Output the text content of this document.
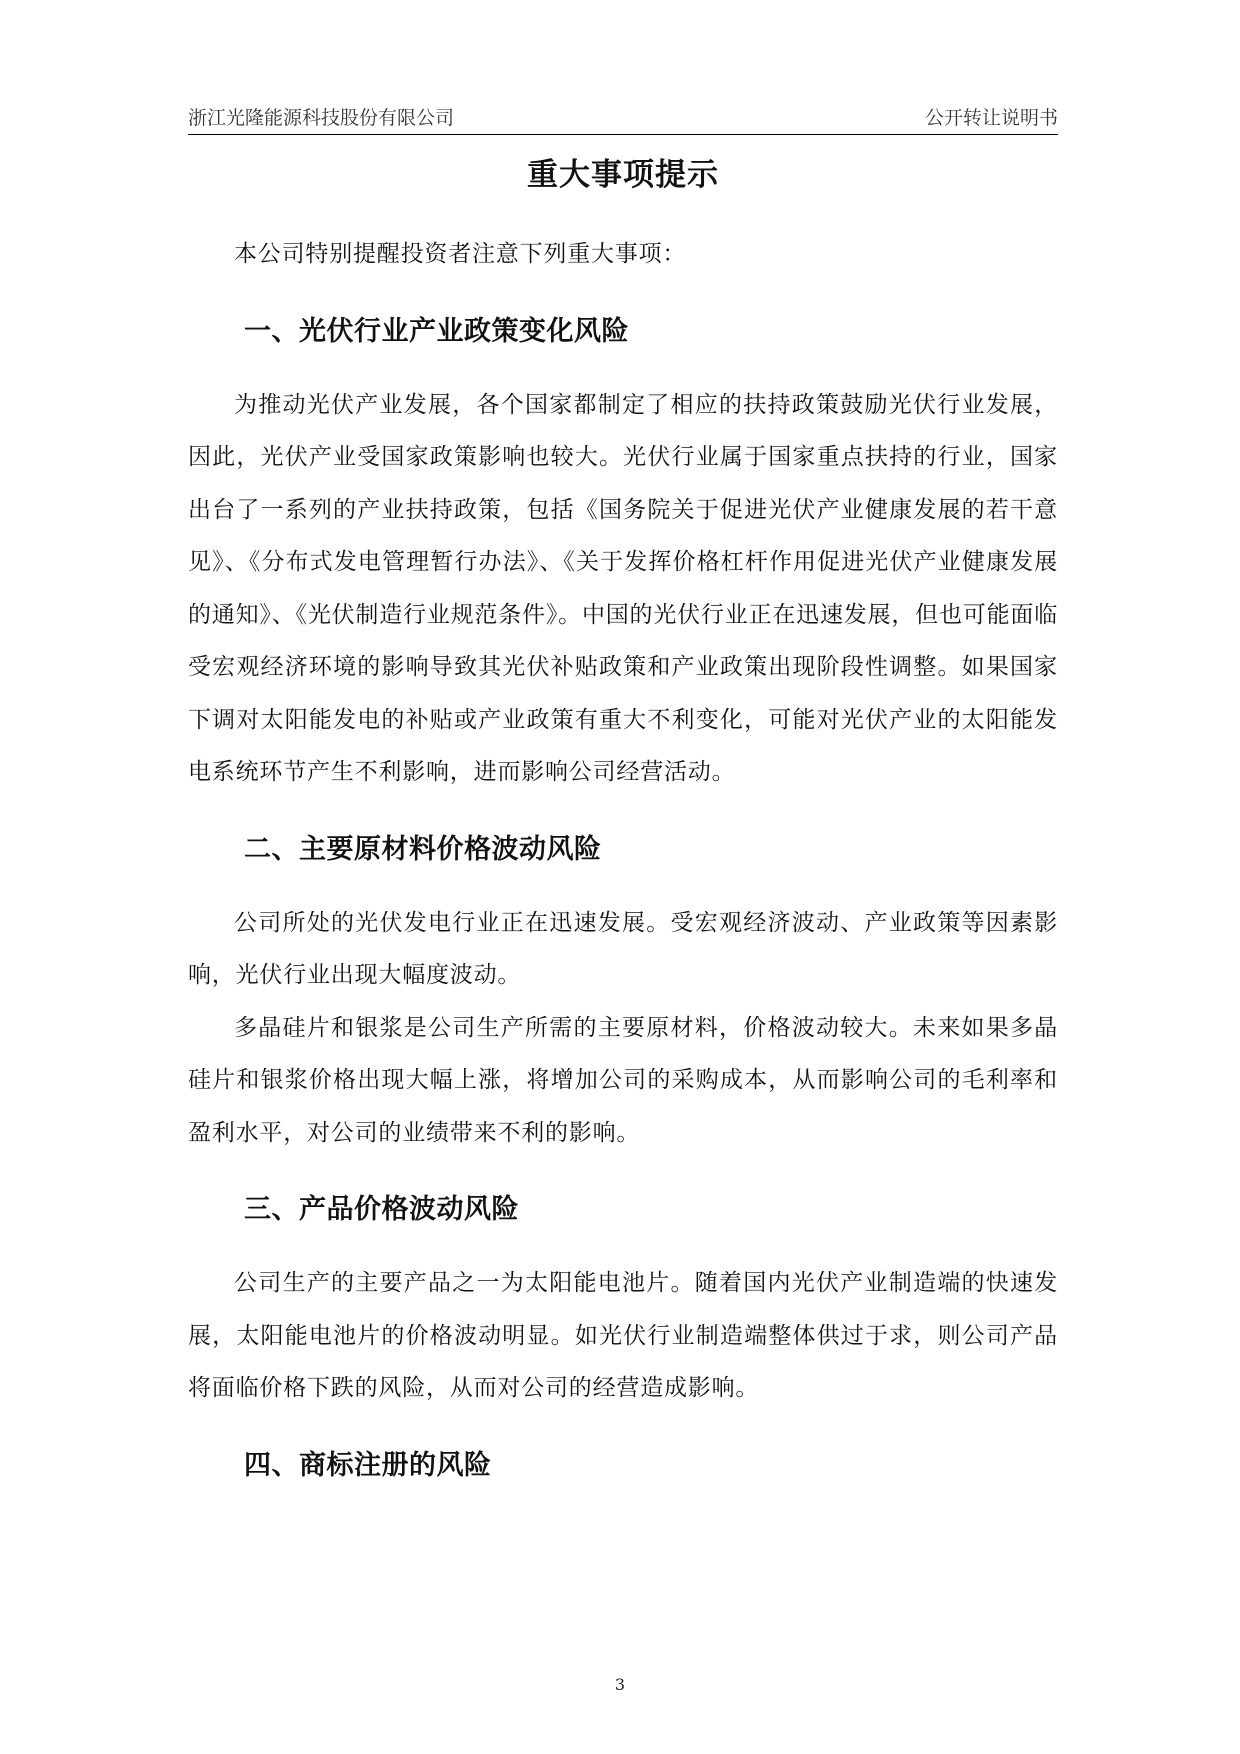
浙江光隆能源科技股份有限公司	公开转让说明书
重大事项提示

本公司特别提醒投资者注意下列重大事项：

一、光伏行业产业政策变化风险

为推动光伏产业发展，各个国家都制定了相应的扶持政策鼓励光伏行业发展，因此，光伏产业受国家政策影响也较大。光伏行业属于国家重点扶持的行业，国家出台了一系列的产业扶持政策，包括《国务院关于促进光伏产业健康发展的若干意见》、《分布式发电管理暂行办法》、《关于发挥价格杠杆作用促进光伏产业健康发展的通知》、《光伏制造行业规范条件》。中国的光伏行业正在迅速发展，但也可能面临受宏观经济环境的影响导致其光伏补贴政策和产业政策出现阶段性调整。如果国家下调对太阳能发电的补贴或产业政策有重大不利变化，可能对光伏产业的太阳能发电系统环节产生不利影响，进而影响公司经营活动。

二、主要原材料价格波动风险

公司所处的光伏发电行业正在迅速发展。受宏观经济波动、产业政策等因素影响，光伏行业出现大幅度波动。

多晶硅片和银浆是公司生产所需的主要原材料，价格波动较大。未来如果多晶硅片和银浆价格出现大幅上涨，将增加公司的采购成本，从而影响公司的毛利率和盈利水平，对公司的业绩带来不利的影响。

三、产品价格波动风险

公司生产的主要产品之一为太阳能电池片。随着国内光伏产业制造端的快速发展，太阳能电池片的价格波动明显。如光伏行业制造端整体供过于求，则公司产品将面临价格下跌的风险，从而对公司的经营造成影响。

四、商标注册的风险
3
